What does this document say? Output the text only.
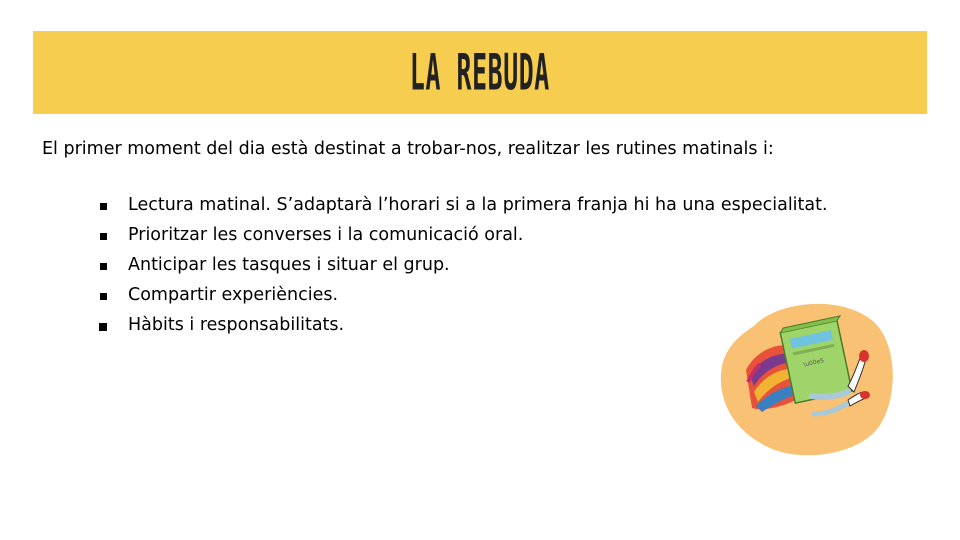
LA REBUDA

El primer moment del dia està destinat a trobar-nos, realitzar les rutines matinals i:

Lectura matinal. S’adaptarà l’horari si a la primera franja hi ha una especialitat.
Prioritzar les converses i la comunicació oral.
Anticipar les tasques i situar el grup.
Compartir experiències.
Hàbits i responsabilitats.
\u00e5
